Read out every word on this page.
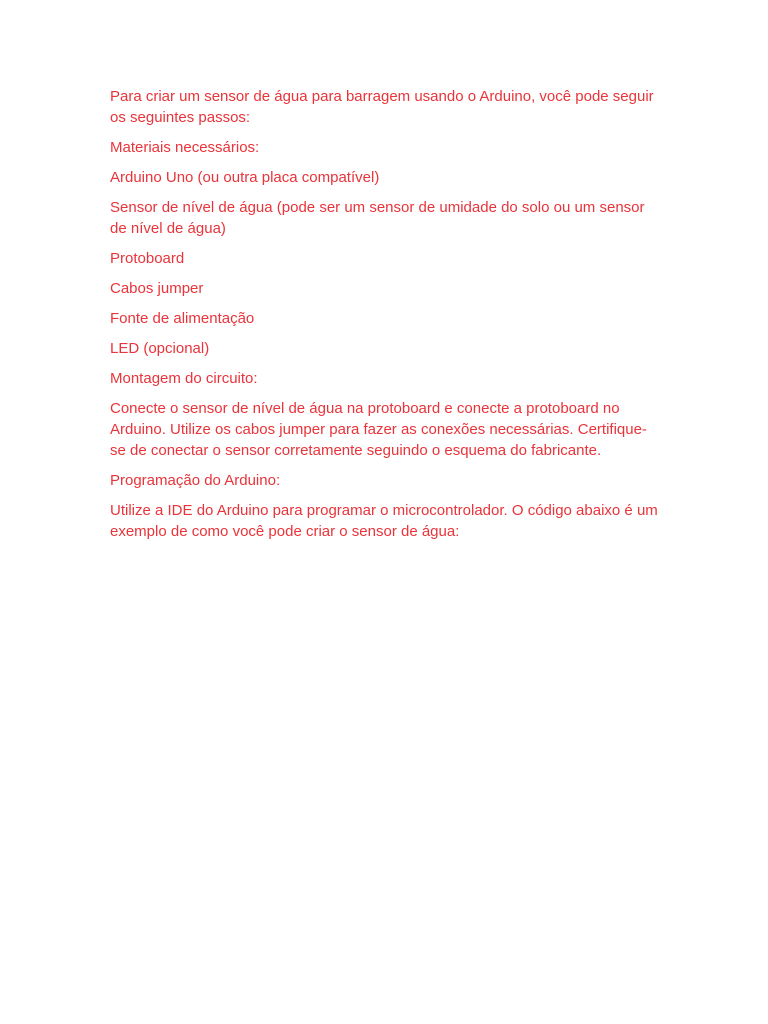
Para criar um sensor de água para barragem usando o Arduino, você pode seguir os seguintes passos:

Materiais necessários:

Arduino Uno (ou outra placa compatível)

Sensor de nível de água (pode ser um sensor de umidade do solo ou um sensor de nível de água)

Protoboard

Cabos jumper

Fonte de alimentação

LED (opcional)

Montagem do circuito:

Conecte o sensor de nível de água na protoboard e conecte a protoboard no Arduino. Utilize os cabos jumper para fazer as conexões necessárias. Certifique-se de conectar o sensor corretamente seguindo o esquema do fabricante.

Programação do Arduino:

Utilize a IDE do Arduino para programar o microcontrolador. O código abaixo é um exemplo de como você pode criar o sensor de água:
